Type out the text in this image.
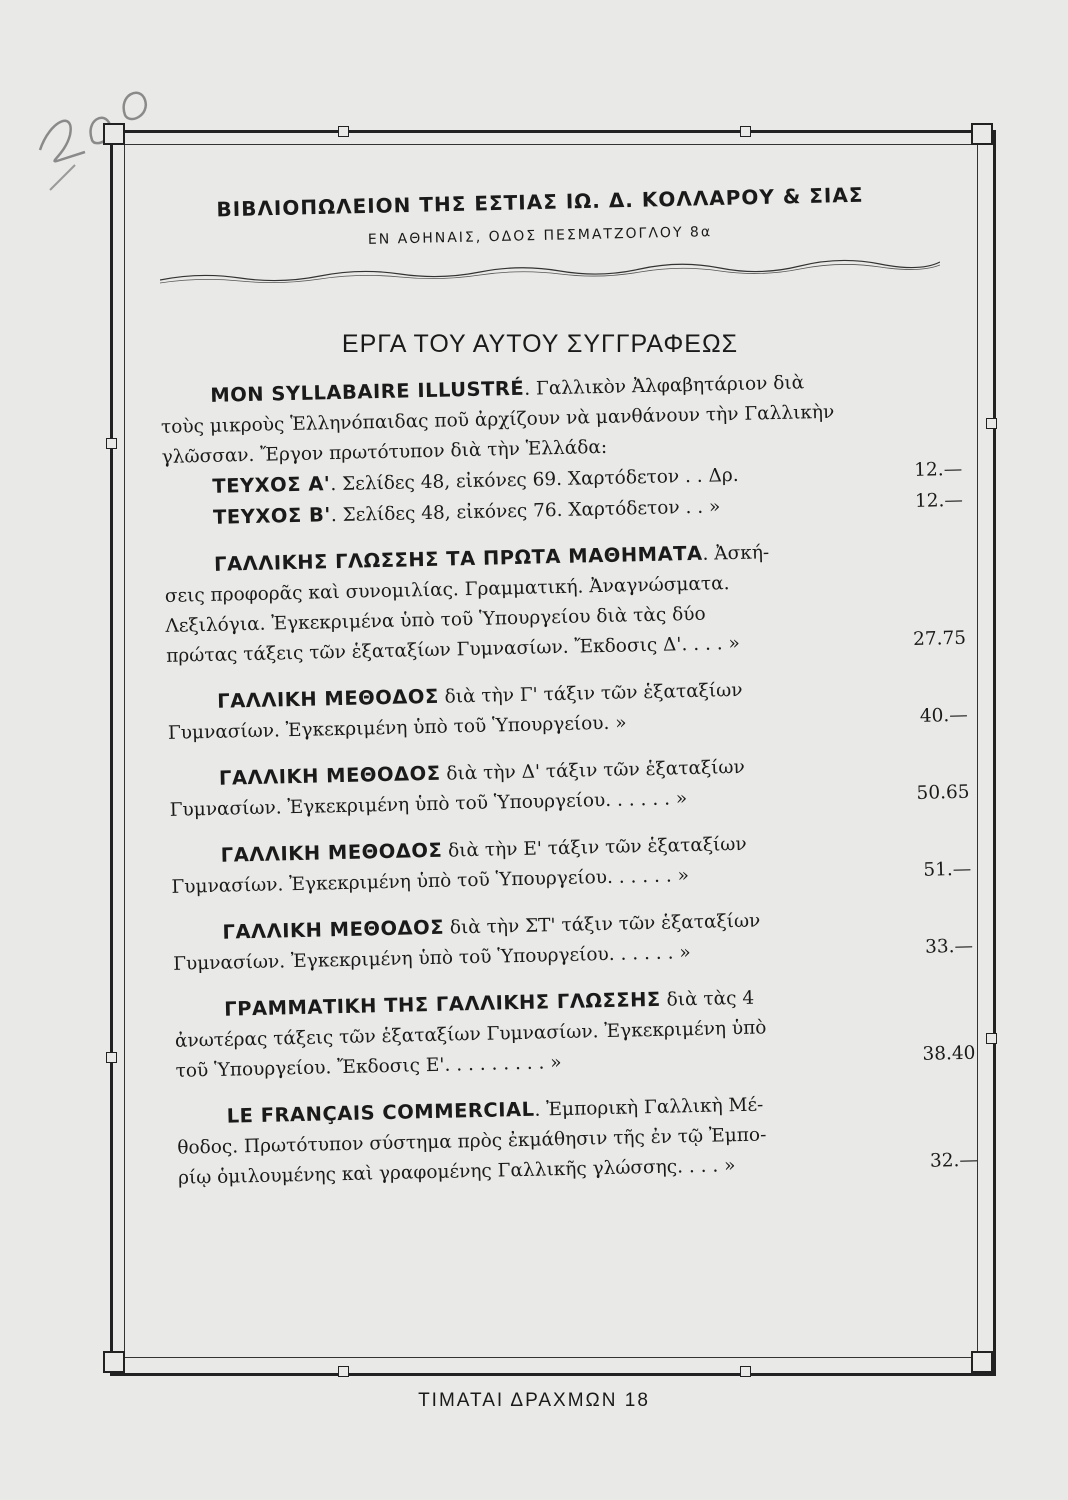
ΒΙΒΛΙΟΠΩΛΕΙΟΝ ΤΗΣ ΕΣΤΙΑΣ ΙΩ. Δ. ΚΟΛΛΑΡΟΥ & ΣΙΑΣ
ΕΝ ΑΘΗΝΑΙΣ, ΟΔΟΣ ΠΕΣΜΑΤΖΟΓΛΟΥ 8α
ΕΡΓΑ ΤΟΥ ΑΥΤΟΥ ΣΥΓΓΡΑΦΕΩΣ
MON SYLLABAIRE ILLUSTRÉ. Γαλλικὸν Ἀλφαβητάριον διὰ
τοὺς μικροὺς Ἑλληνόπαιδας ποῦ ἀρχίζουν νὰ μανθάνουν τὴν Γαλλικὴν
γλῶσσαν. Ἔργον πρωτότυπον διὰ τὴν Ἑλλάδα:
ΤΕΥΧΟΣ Α'. Σελίδες 48, εἰκόνες 69. Χαρτόδετον . . Δρ.	12.—
ΤΕΥΧΟΣ Β'. Σελίδες 48, εἰκόνες 76. Χαρτόδετον . . »	12.—
ΓΑΛΛΙΚΗΣ ΓΛΩΣΣΗΣ ΤΑ ΠΡΩΤΑ ΜΑΘΗΜΑΤΑ. Ἀσκή-
σεις προφορᾶς καὶ συνομιλίας. Γραμματική. Ἀναγνώσματα.
Λεξιλόγια. Ἐγκεκριμένα ὑπὸ τοῦ Ὑπουργείου διὰ τὰς δύο
πρώτας τάξεις τῶν ἑξαταξίων Γυμνασίων. Ἔκδοσις Δ'. . . . »	27.75
ΓΑΛΛΙΚΗ ΜΕΘΟΔΟΣ διὰ τὴν Γ' τάξιν τῶν ἑξαταξίων
Γυμνασίων. Ἐγκεκριμένη ὑπὸ τοῦ Ὑπουργείου. »	40.—
ΓΑΛΛΙΚΗ ΜΕΘΟΔΟΣ διὰ τὴν Δ' τάξιν τῶν ἑξαταξίων
Γυμνασίων. Ἐγκεκριμένη ὑπὸ τοῦ Ὑπουργείου. . . . . . »	50.65
ΓΑΛΛΙΚΗ ΜΕΘΟΔΟΣ διὰ τὴν Ε' τάξιν τῶν ἑξαταξίων
Γυμνασίων. Ἐγκεκριμένη ὑπὸ τοῦ Ὑπουργείου. . . . . . »	51.—
ΓΑΛΛΙΚΗ ΜΕΘΟΔΟΣ διὰ τὴν ΣΤ' τάξιν τῶν ἑξαταξίων
Γυμνασίων. Ἐγκεκριμένη ὑπὸ τοῦ Ὑπουργείου. . . . . . »	33.—
ΓΡΑΜΜΑΤΙΚΗ ΤΗΣ ΓΑΛΛΙΚΗΣ ΓΛΩΣΣΗΣ διὰ τὰς 4
ἀνωτέρας τάξεις τῶν ἑξαταξίων Γυμνασίων. Ἐγκεκριμένη ὑπὸ
τοῦ Ὑπουργείου. Ἔκδοσις Ε'. . . . . . . . . »	38.40
LE FRANÇAIS COMMERCIAL. Ἐμπορικὴ Γαλλικὴ Μέ-
θοδος. Πρωτότυπον σύστημα πρὸς ἐκμάθησιν τῆς ἐν τῷ Ἐμπο-
ρίῳ ὁμιλουμένης καὶ γραφομένης Γαλλικῆς γλώσσης. . . . »	32.—
ΤΙΜΑΤΑΙ ΔΡΑΧΜΩΝ 18
